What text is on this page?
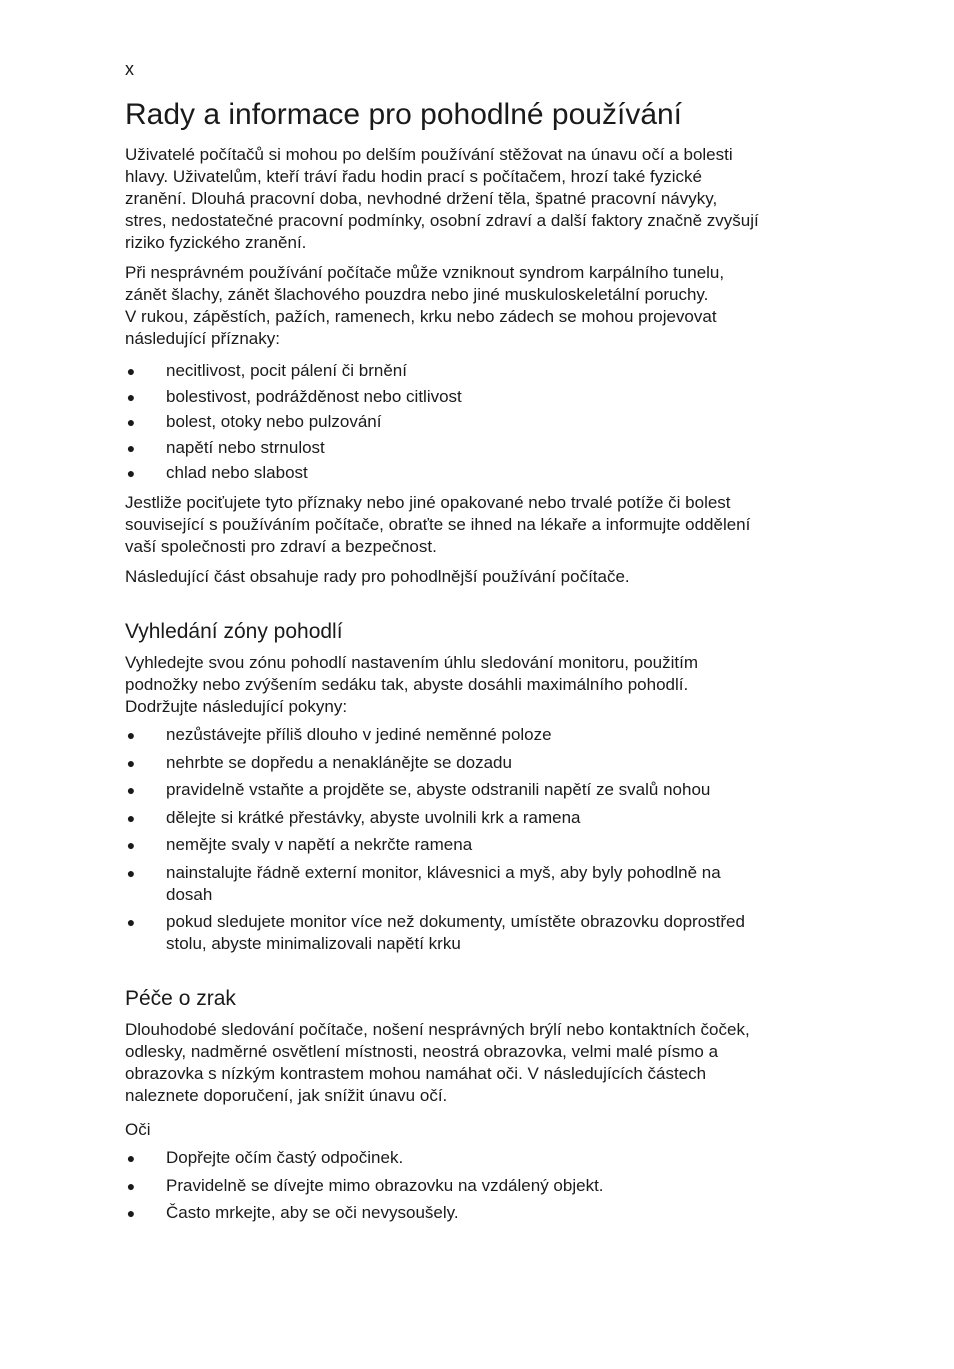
x
Rady a informace pro pohodlné používání

Uživatelé počítačů si mohou po delším používání stěžovat na únavu očí a bolesti
hlavy. Uživatelům, kteří tráví řadu hodin prací s počítačem, hrozí také fyzické
zranění. Dlouhá pracovní doba, nevhodné držení těla, špatné pracovní návyky,
stres, nedostatečné pracovní podmínky, osobní zdraví a další faktory značně zvyšují
riziko fyzického zranění.

Při nesprávném používání počítače může vzniknout syndrom karpálního tunelu,
zánět šlachy, zánět šlachového pouzdra nebo jiné muskuloskeletální poruchy.
V rukou, zápěstích, pažích, ramenech, krku nebo zádech se mohou projevovat
následující příznaky:

● necitlivost, pocit pálení či brnění
● bolestivost, podrážděnost nebo citlivost
● bolest, otoky nebo pulzování
● napětí nebo strnulost
● chlad nebo slabost

Jestliže pociťujete tyto příznaky nebo jiné opakované nebo trvalé potíže či bolest
související s používáním počítače, obraťte se ihned na lékaře a informujte oddělení
vaší společnosti pro zdraví a bezpečnost.

Následující část obsahuje rady pro pohodlnější používání počítače.

Vyhledání zóny pohodlí

Vyhledejte svou zónu pohodlí nastavením úhlu sledování monitoru, použitím
podnožky nebo zvýšením sedáku tak, abyste dosáhli maximálního pohodlí.
Dodržujte následující pokyny:

● nezůstávejte příliš dlouho v jediné neměnné poloze
● nehrbte se dopředu a nenaklánějte se dozadu
● pravidelně vstaňte a projděte se, abyste odstranili napětí ze svalů nohou
● dělejte si krátké přestávky, abyste uvolnili krk a ramena
● nemějte svaly v napětí a nekrčte ramena
● nainstalujte řádně externí monitor, klávesnici a myš, aby byly pohodlně na
dosah
● pokud sledujete monitor více než dokumenty, umístěte obrazovku doprostřed
stolu, abyste minimalizovali napětí krku
Péče o zrak

Dlouhodobé sledování počítače, nošení nesprávných brýlí nebo kontaktních čoček,
odlesky, nadměrné osvětlení místnosti, neostrá obrazovka, velmi malé písmo a
obrazovka s nízkým kontrastem mohou namáhat oči. V následujících částech
naleznete doporučení, jak snížit únavu očí.

Oči

● Dopřejte očím častý odpočinek.
● Pravidelně se dívejte mimo obrazovku na vzdálený objekt.
● Často mrkejte, aby se oči nevysoušely.
